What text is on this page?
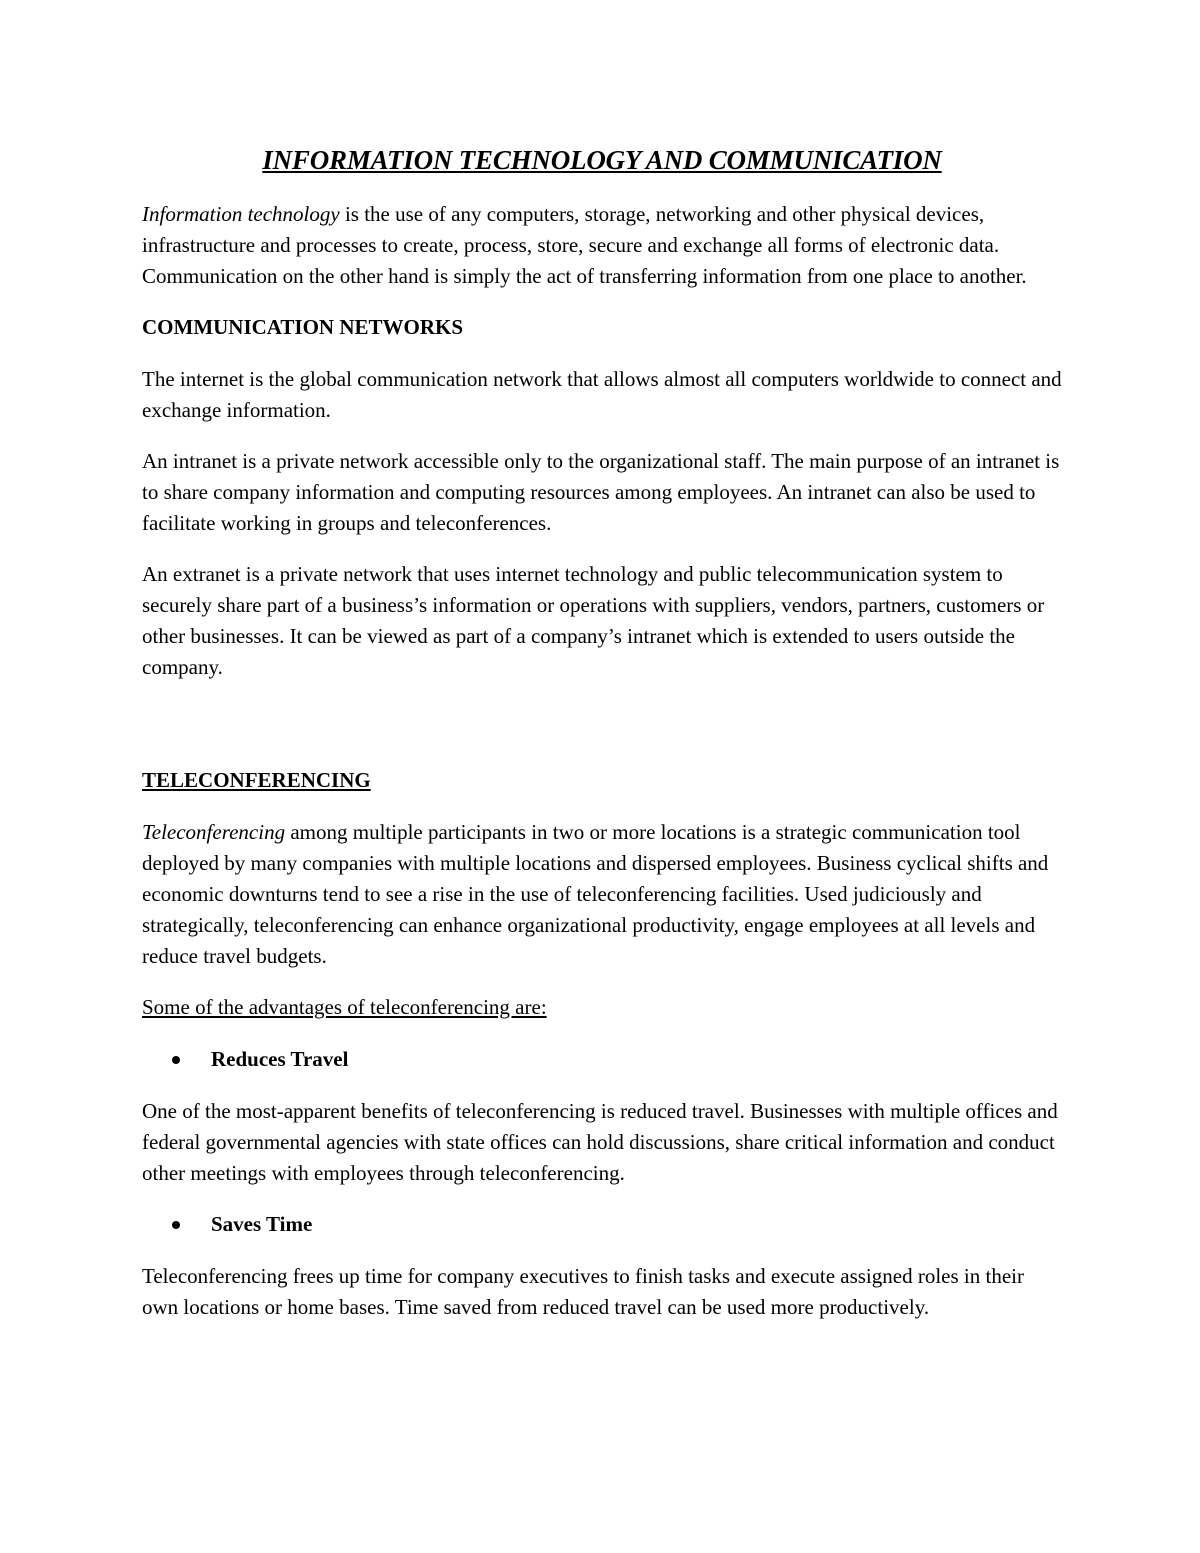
INFORMATION TECHNOLOGY AND COMMUNICATION

Information technology is the use of any computers, storage, networking and other physical devices, infrastructure and processes to create, process, store, secure and exchange all forms of electronic data. Communication on the other hand is simply the act of transferring information from one place to another.

COMMUNICATION NETWORKS

The internet is the global communication network that allows almost all computers worldwide to connect and exchange information.

An intranet is a private network accessible only to the organizational staff. The main purpose of an intranet is to share company information and computing resources among employees. An intranet can also be used to facilitate working in groups and teleconferences.

An extranet is a private network that uses internet technology and public telecommunication system to securely share part of a business’s information or operations with suppliers, vendors, partners, customers or other businesses. It can be viewed as part of a company’s intranet which is extended to users outside the company.

TELECONFERENCING

Teleconferencing among multiple participants in two or more locations is a strategic communication tool deployed by many companies with multiple locations and dispersed employees. Business cyclical shifts and economic downturns tend to see a rise in the use of teleconferencing facilities. Used judiciously and strategically, teleconferencing can enhance organizational productivity, engage employees at all levels and reduce travel budgets.

Some of the advantages of teleconferencing are:

Reduces Travel

One of the most-apparent benefits of teleconferencing is reduced travel. Businesses with multiple offices and federal governmental agencies with state offices can hold discussions, share critical information and conduct other meetings with employees through teleconferencing.

Saves Time

Teleconferencing frees up time for company executives to finish tasks and execute assigned roles in their own locations or home bases. Time saved from reduced travel can be used more productively.
